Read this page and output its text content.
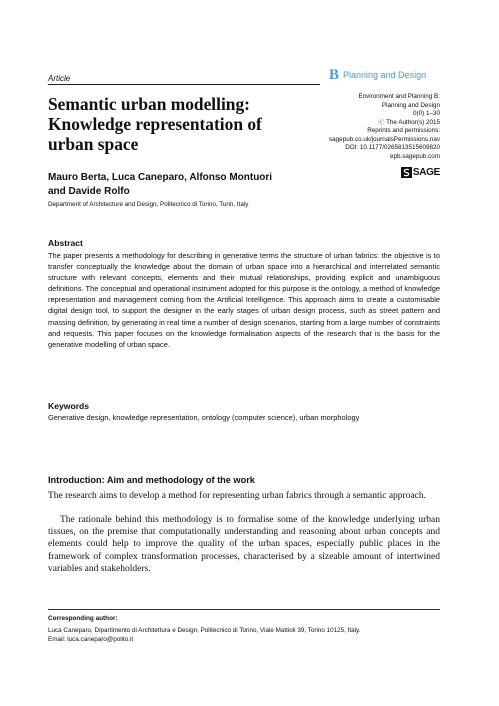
Article	B Planning and Design
Semantic urban modelling:
Knowledge representation of
urban space
Environment and Planning B:
Planning and Design
0(0) 1–30
ⓒ The Author(s) 2015
Reprints and permissions:
sagepub.co.uk/journalsPermissions.nav
DOI: 10.1177/0265813515609820
epb.sagepub.com
SAGE
Mauro Berta, Luca Caneparo, Alfonso Montuori
and Davide Rolfo
Department of Architecture and Design, Politecnico di Torino, Turin, Italy
Abstract
The paper presents a methodology for describing in generative terms the structure of urban fabrics: the objective is to transfer conceptually the knowledge about the domain of urban space into a hierarchical and interrelated semantic structure with relevant concepts, elements and their mutual relationships, providing explicit and unambiguous definitions. The conceptual and operational instrument adopted for this purpose is the ontology, a method of knowledge representation and management coming from the Artificial Intelligence. This approach aims to create a customisable digital design tool, to support the designer in the early stages of urban design process, such as street pattern and massing definition, by generating in real time a number of design scenarios, starting from a large number of constraints and requests. This paper focuses on the knowledge formalisation aspects of the research that is the basis for the generative modelling of urban space.
Keywords
Generative design, knowledge representation, ontology (computer science), urban morphology
Introduction: Aim and methodology of the work
The research aims to develop a method for representing urban fabrics through a semantic approach.
The rationale behind this methodology is to formalise some of the knowledge underlying urban tissues, on the premise that computationally understanding and reasoning about urban concepts and elements could help to improve the quality of the urban spaces, especially public places in the framework of complex transformation processes, characterised by a sizeable amount of intertwined variables and stakeholders.
Corresponding author:
Luca Caneparo, Dipartimento di Architettura e Design, Politecnico di Torino, Viale Mattioli 39, Torino 10125, Italy.
Email: luca.caneparo@polito.it
